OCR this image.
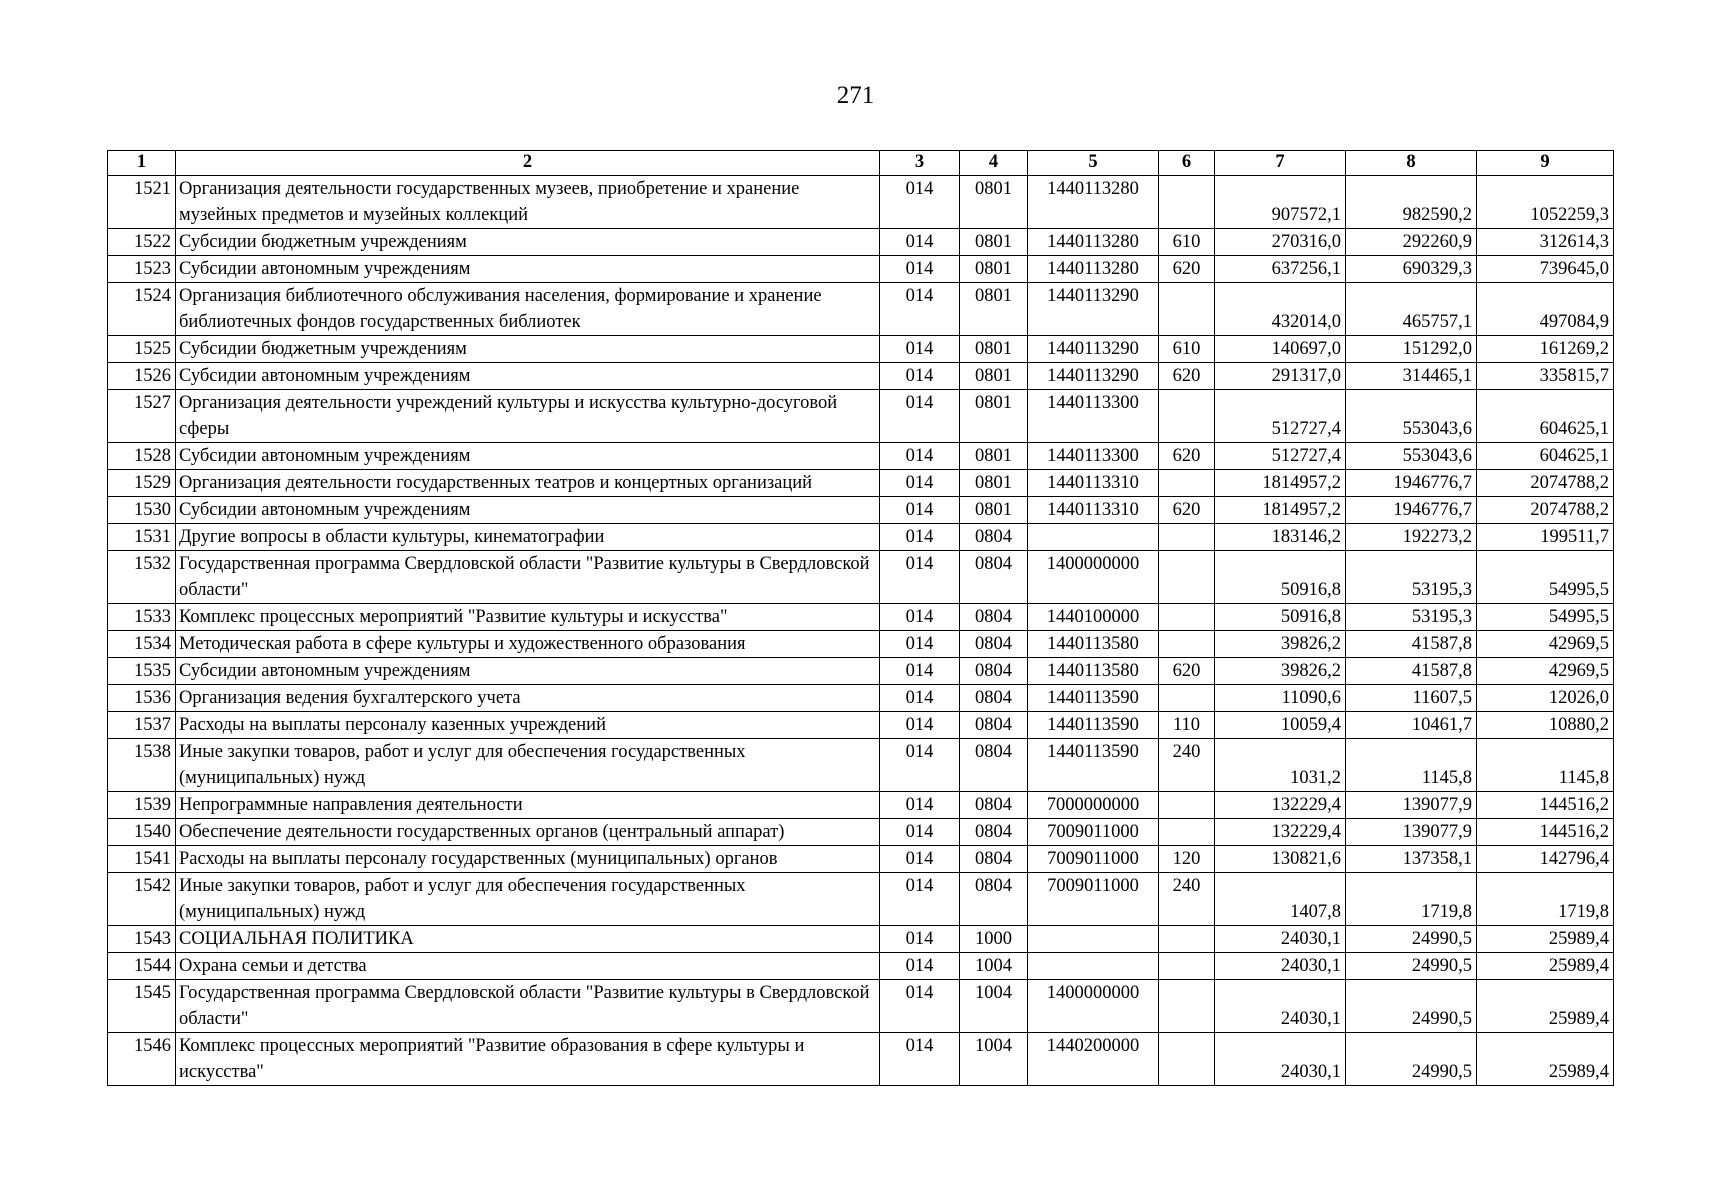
271
1	2	3	4	5	6	7	8	9
1521	Организация деятельности государственных музеев, приобретение и хранение музейных предметов и музейных коллекций	014	0801	1440113280		907572,1	982590,2	1052259,3
1522	Субсидии бюджетным учреждениям	014	0801	1440113280	610	270316,0	292260,9	312614,3
1523	Субсидии автономным учреждениям	014	0801	1440113280	620	637256,1	690329,3	739645,0
1524	Организация библиотечного обслуживания населения, формирование и хранение библиотечных фондов государственных библиотек	014	0801	1440113290		432014,0	465757,1	497084,9
1525	Субсидии бюджетным учреждениям	014	0801	1440113290	610	140697,0	151292,0	161269,2
1526	Субсидии автономным учреждениям	014	0801	1440113290	620	291317,0	314465,1	335815,7
1527	Организация деятельности учреждений культуры и искусства культурно-досуговой сферы	014	0801	1440113300		512727,4	553043,6	604625,1
1528	Субсидии автономным учреждениям	014	0801	1440113300	620	512727,4	553043,6	604625,1
1529	Организация деятельности государственных театров и концертных организаций	014	0801	1440113310		1814957,2	1946776,7	2074788,2
1530	Субсидии автономным учреждениям	014	0801	1440113310	620	1814957,2	1946776,7	2074788,2
1531	Другие вопросы в области культуры, кинематографии	014	0804			183146,2	192273,2	199511,7
1532	Государственная программа Свердловской области "Развитие культуры в Свердловской области"	014	0804	1400000000		50916,8	53195,3	54995,5
1533	Комплекс процессных мероприятий "Развитие культуры и искусства"	014	0804	1440100000		50916,8	53195,3	54995,5
1534	Методическая работа в сфере культуры и художественного образования	014	0804	1440113580		39826,2	41587,8	42969,5
1535	Субсидии автономным учреждениям	014	0804	1440113580	620	39826,2	41587,8	42969,5
1536	Организация ведения бухгалтерского учета	014	0804	1440113590		11090,6	11607,5	12026,0
1537	Расходы на выплаты персоналу казенных учреждений	014	0804	1440113590	110	10059,4	10461,7	10880,2
1538	Иные закупки товаров, работ и услуг для обеспечения государственных (муниципальных) нужд	014	0804	1440113590	240	1031,2	1145,8	1145,8
1539	Непрограммные направления деятельности	014	0804	7000000000		132229,4	139077,9	144516,2
1540	Обеспечение деятельности государственных органов (центральный аппарат)	014	0804	7009011000		132229,4	139077,9	144516,2
1541	Расходы на выплаты персоналу государственных (муниципальных) органов	014	0804	7009011000	120	130821,6	137358,1	142796,4
1542	Иные закупки товаров, работ и услуг для обеспечения государственных (муниципальных) нужд	014	0804	7009011000	240	1407,8	1719,8	1719,8
1543	СОЦИАЛЬНАЯ ПОЛИТИКА	014	1000			24030,1	24990,5	25989,4
1544	Охрана семьи и детства	014	1004			24030,1	24990,5	25989,4
1545	Государственная программа Свердловской области "Развитие культуры в Свердловской области"	014	1004	1400000000		24030,1	24990,5	25989,4
1546	Комплекс процессных мероприятий "Развитие образования в сфере культуры и искусства"	014	1004	1440200000		24030,1	24990,5	25989,4
